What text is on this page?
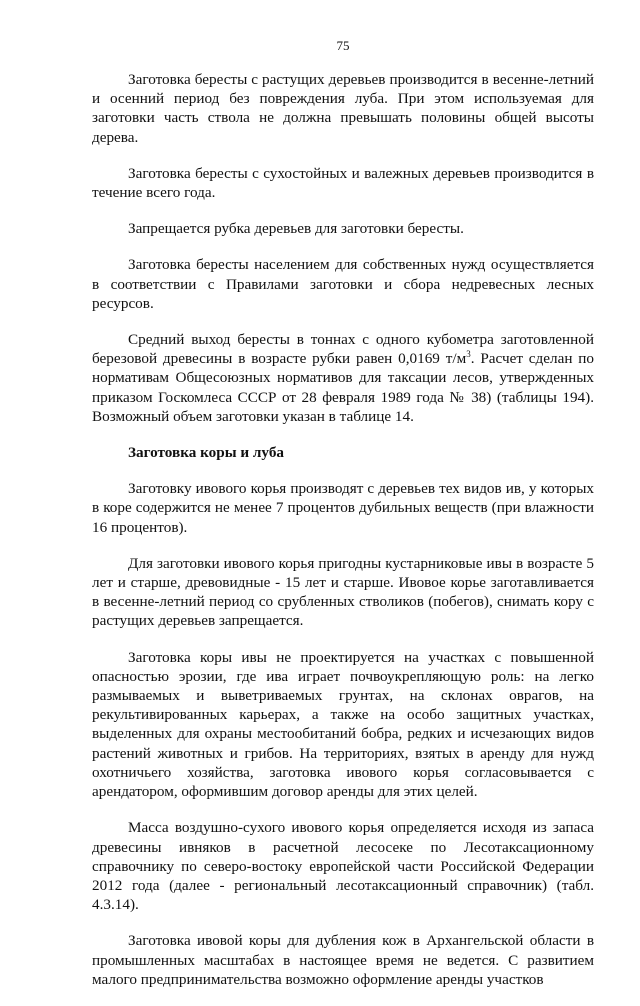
75

Заготовка бересты с растущих деревьев производится в весенне-летний и осенний период без повреждения луба. При этом используемая для заготовки часть ствола не должна превышать половины общей высоты дерева.

Заготовка бересты с сухостойных и валежных деревьев производится в течение всего года.

Запрещается рубка деревьев для заготовки бересты.

Заготовка бересты населением для собственных нужд осуществляется в соответствии с Правилами заготовки и сбора недревесных лесных ресурсов.

Средний выход бересты в тоннах с одного кубометра заготовленной березовой древесины в возрасте рубки равен 0,0169 $т/м^3$. Расчет сделан по нормативам Общесоюзных нормативов для таксации лесов, утвержденных приказом Госкомлеса СССР от 28 февраля 1989 года № 38) (таблицы 194). Возможный объем заготовки указан в таблице 14.

Заготовка коры и луба

Заготовку ивового корья производят с деревьев тех видов ив, у которых в коре содержится не менее 7 процентов дубильных веществ (при влажности 16 процентов).

Для заготовки ивового корья пригодны кустарниковые ивы в возрасте 5 лет и старше, древовидные - 15 лет и старше. Ивовое корье заготавливается в весенне-летний период со срубленных стволиков (побегов), снимать кору с растущих деревьев запрещается.

Заготовка коры ивы не проектируется на участках с повышенной опасностью эрозии, где ива играет почвоукрепляющую роль: на легко размываемых и выветриваемых грунтах, на склонах оврагов, на рекультивированных карьерах, а также на особо защитных участках, выделенных для охраны местообитаний бобра, редких и исчезающих видов растений животных и грибов. На территориях, взятых в аренду для нужд охотничьего хозяйства, заготовка ивового корья согласовывается с арендатором, оформившим договор аренды для этих целей.

Масса воздушно-сухого ивового корья определяется исходя из запаса древесины ивняков в расчетной лесосеке по Лесотаксационному справочнику по северо-востоку европейской части Российской Федерации 2012 года (далее - региональный лесотаксационный справочник) (табл. 4.3.14).

Заготовка ивовой коры для дубления кож в Архангельской области в промышленных масштабах в настоящее время не ведется. С развитием малого предпринимательства возможно оформление аренды участков
